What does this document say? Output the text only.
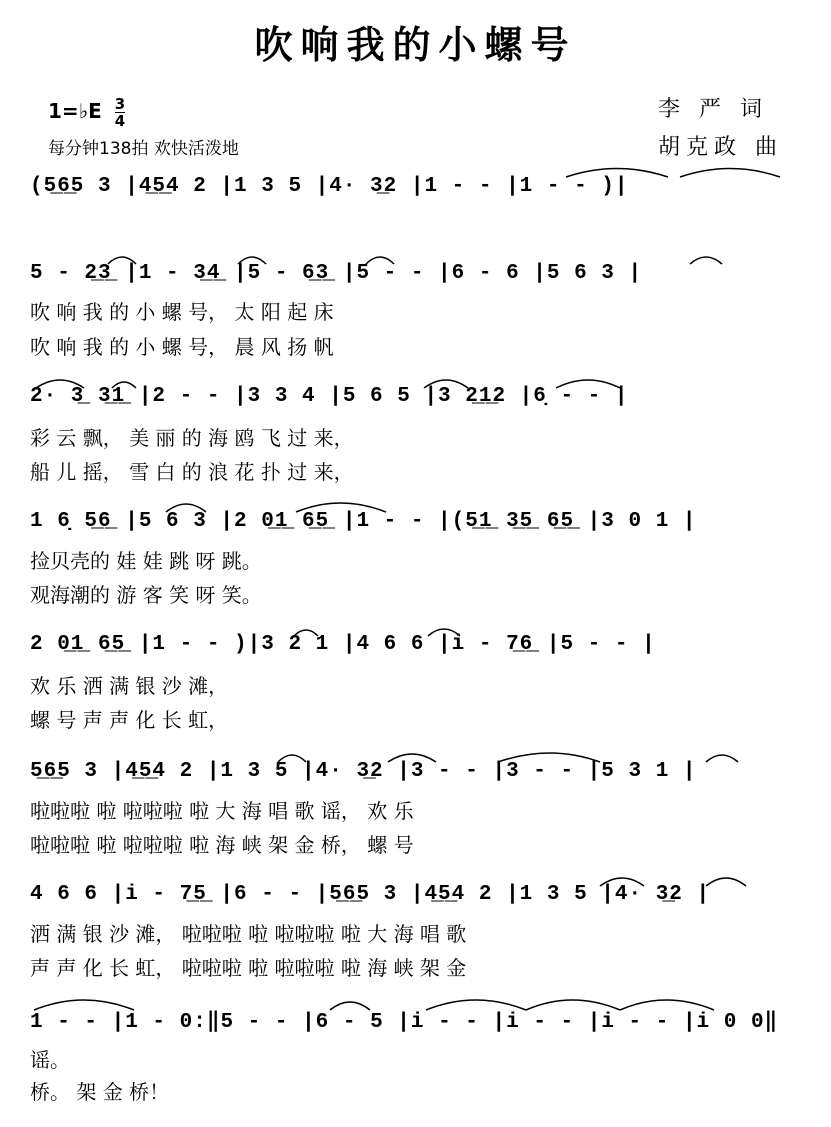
吹响我的小螺号
1=♭E $\frac{3}{4}$
每分钟138拍 欢快活泼地
李 严 词
胡克政 曲
(5̲6̲5 3 |4̲5̲4 2 |1 3 5 |4· 3̲2 |1 - - |1 - - )|
5 - 2̲3̲ |1 - 3̲4̲ |5 - 6̲3̲ |5 - - |6 - 6 |5 6 3 |
吹 响 我 的 小 螺 号， 太 阳 起 床
吹 响 我 的 小 螺 号， 晨 风 扬 帆
2· 3̲ 3̲1̲ |2 - - |3 3 4 |5 6 5 |3 2̲1̲2 |6̣ - - |
彩 云 飘， 美 丽 的 海 鸥 飞 过 来，
船 儿 摇， 雪 白 的 浪 花 扑 过 来，
1 6̣ 5̲6̲ |5 6 3 |2 0̲1̲ 6̲5̲ |1 - - |(5̲1̲ 3̲5̲ 6̲5̲ |3 0 1 |
捡贝壳的 娃 娃 跳 呀 跳。
观海潮的 游 客 笑 呀 笑。
2 0̲1̲ 6̲5̲ |1 - - )|3 2 1 |4 6 6 |i - 7̲6̲ |5 - - |
欢 乐 洒 满 银 沙 滩，
螺 号 声 声 化 长 虹，
5̲6̲5 3 |4̲5̲4 2 |1 3 5 |4· 3̲2 |3 - - |3 - - |5 3 1 |
啦啦啦 啦 啦啦啦 啦 大 海 唱 歌 谣， 欢 乐
啦啦啦 啦 啦啦啦 啦 海 峡 架 金 桥， 螺 号
4 6 6 |i - 7̲5̲ |6 - - |5̲6̲5 3 |4̲5̲4 2 |1 3 5 |4· 3̲2 |
洒 满 银 沙 滩， 啦啦啦 啦 啦啦啦 啦 大 海 唱 歌
声 声 化 长 虹， 啦啦啦 啦 啦啦啦 啦 海 峡 架 金
1 - - |1 - 0:‖5 - - |6 - 5 |i - - |i - - |i - - |i 0 0‖
谣。
桥。 架 金 桥！
